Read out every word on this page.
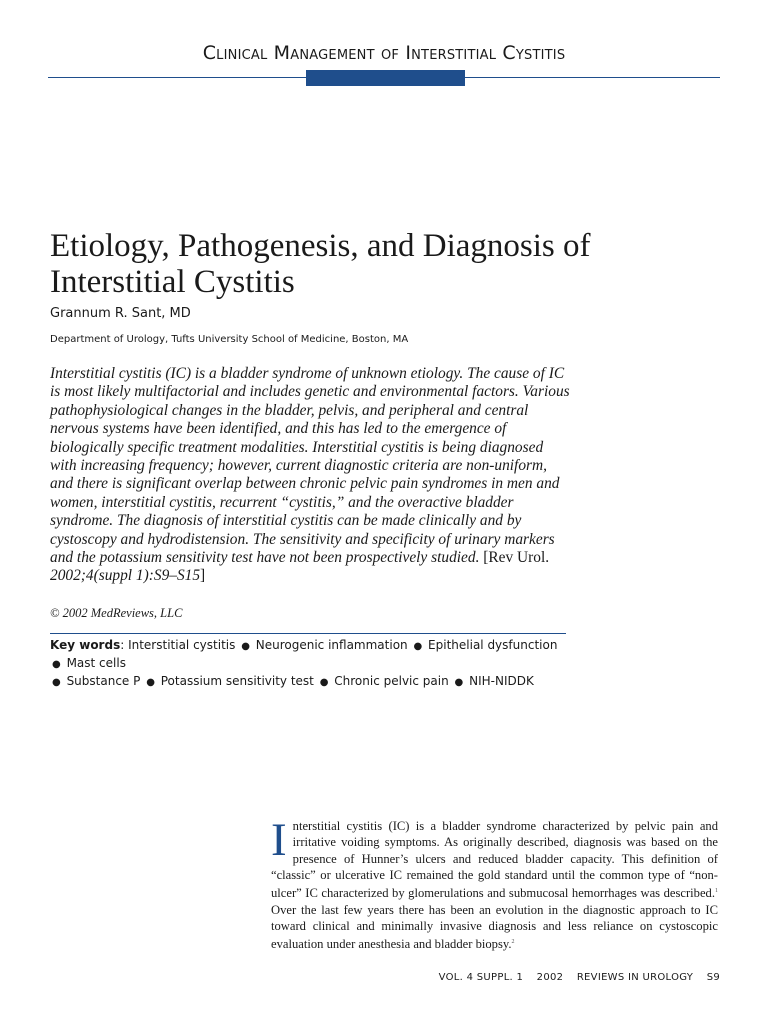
Clinical Management of Interstitial Cystitis
Etiology, Pathogenesis, and Diagnosis of Interstitial Cystitis
Grannum R. Sant, MD
Department of Urology, Tufts University School of Medicine, Boston, MA

Interstitial cystitis (IC) is a bladder syndrome of unknown etiology. The cause of IC is most likely multifactorial and includes genetic and environmental factors. Various pathophysiological changes in the bladder, pelvis, and peripheral and central nervous systems have been identified, and this has led to the emergence of biologically specific treatment modalities. Interstitial cystitis is being diagnosed with increasing frequency; however, current diagnostic criteria are non-uniform, and there is significant overlap between chronic pelvic pain syndromes in men and women, interstitial cystitis, recurrent “cystitis,” and the overactive bladder syndrome. The diagnosis of interstitial cystitis can be made clinically and by cystoscopy and hydrodistension. The sensitivity and specificity of urinary markers and the potassium sensitivity test have not been prospectively studied. [Rev Urol. 2002;4(suppl 1):S9–S15]

© 2002 MedReviews, LLC
Key words: Interstitial cystitis ● Neurogenic inflammation ● Epithelial dysfunction ● Mast cells
● Substance P ● Potassium sensitivity test ● Chronic pelvic pain ● NIH-NIDDK

Interstitial cystitis (IC) is a bladder syndrome characterized by pelvic pain and irritative voiding symptoms. As originally described, diagnosis was based on the presence of Hunner’s ulcers and reduced bladder capacity. This definition of “classic” or ulcerative IC remained the gold standard until the common type of “non-ulcer” IC characterized by glomerulations and submucosal hemorrhages was described.$^1$ Over the last few years there has been an evolution in the diagnostic approach to IC toward clinical and minimally invasive diagnosis and less reliance on cystoscopic evaluation under anesthesia and bladder biopsy.$^2$

VOL. 4 SUPPL. 1 2002 REVIEWS IN UROLOGY S9
